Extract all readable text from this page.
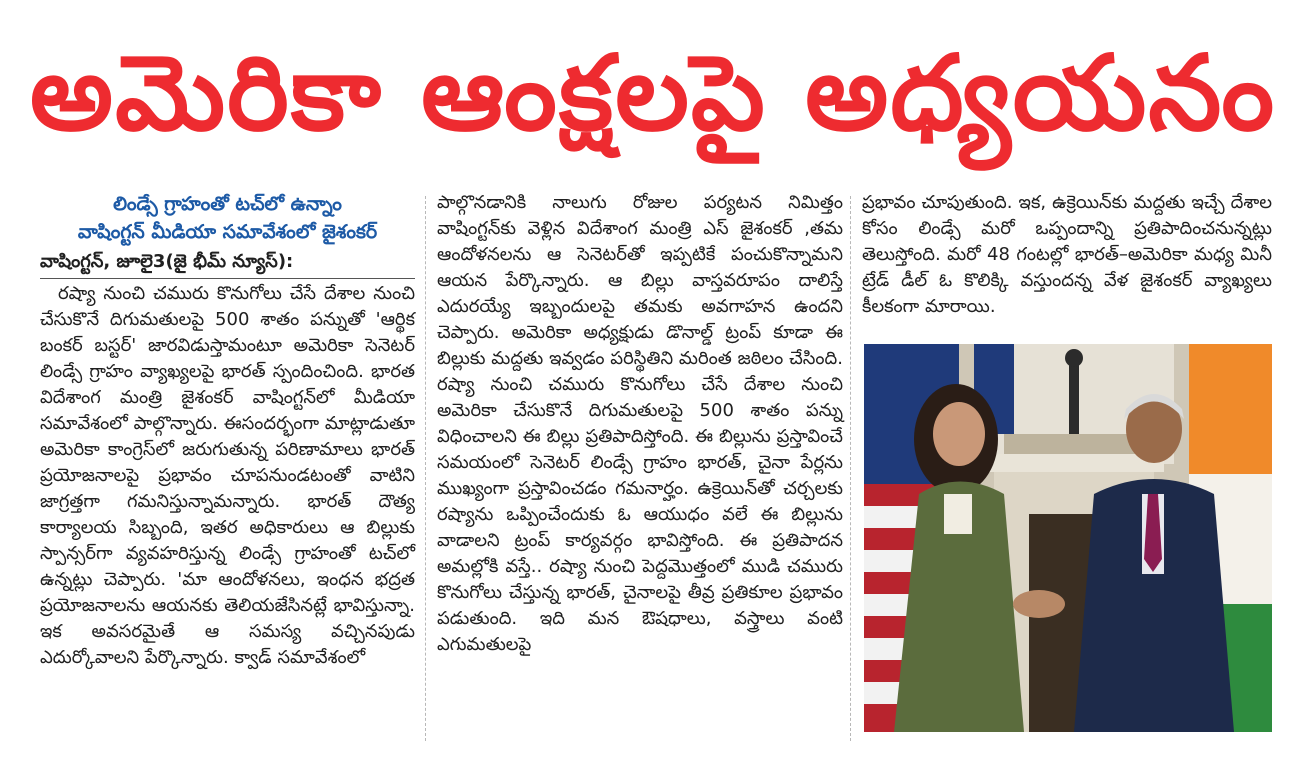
అమెరికా ఆంక్షలపై అధ్యయనం
లిండ్సే గ్రాహంతో టచ్‌లో ఉన్నాం
వాషింగ్టన్ మీడియా సమావేశంలో జైశంకర్
వాషింగ్టన్, జూలై3(జై భీమ్ న్యూస్):

రష్యా నుంచి చమురు కొనుగోలు చేసే దేశాల నుంచి చేసుకొనే దిగుమతులపై 500 శాతం పన్నుతో 'ఆర్థిక బంకర్ బస్టర్' జారవిడుస్తామంటూ అమెరికా సెనెటర్ లిండ్సే గ్రాహం వ్యాఖ్యలపై భారత్ స్పందించింది. భారత విదేశాంగ మంత్రి జైశంకర్ వాషింగ్టన్‌లో మీడియా సమావేశంలో పాల్గొన్నారు. ఈసందర్భంగా మాట్లాడుతూ అమెరికా కాంగ్రెస్‌లో జరుగుతున్న పరిణామాలు భారత్ ప్రయోజనాలపై ప్రభావం చూపనుండటంతో వాటిని జాగ్రత్తగా గమనిస్తున్నామన్నారు. భారత్ దౌత్య కార్యాలయ సిబ్బంది, ఇతర అధికారులు ఆ బిల్లుకు స్పాన్సర్‌గా వ్యవహరిస్తున్న లిండ్సే గ్రాహంతో టచ్‌లో ఉన్నట్లు చెప్పారు. 'మా ఆందోళనలు, ఇంధన భద్రత ప్రయోజనాలను ఆయనకు తెలియజేసినట్లే భావిస్తున్నా. ఇక అవసరమైతే ఆ సమస్య వచ్చినపుడు ఎదుర్కోవాలని పేర్కొన్నారు. క్వాడ్ సమావేశంలో

పాల్గొనడానికి నాలుగు రోజుల పర్యటన నిమిత్తం వాషింగ్టన్‌కు వెళ్లిన విదేశాంగ మంత్రి ఎస్ జైశంకర్ ,తమ ఆందోళనలను ఆ సెనెటర్‌తో ఇప్పటికే పంచుకొన్నామని ఆయన పేర్కొన్నారు. ఆ బిల్లు వాస్తవరూపం దాలిస్తే ఎదురయ్యే ఇబ్బందులపై తమకు అవగాహన ఉందని చెప్పారు. అమెరికా అధ్యక్షుడు డొనాల్డ్ ట్రంప్ కూడా ఈ బిల్లుకు మద్దతు ఇవ్వడం పరిస్థితిని మరింత జఠిలం చేసింది. రష్యా నుంచి చమురు కొనుగోలు చేసే దేశాల నుంచి అమెరికా చేసుకొనే దిగుమతులపై 500 శాతం పన్ను విధించాలని ఈ బిల్లు ప్రతిపాదిస్తోంది. ఈ బిల్లును ప్రస్తావించే సమయంలో సెనెటర్ లిండ్సే గ్రాహం భారత్, చైనా పేర్లను ముఖ్యంగా ప్రస్తావించడం గమనార్హం. ఉక్రెయిన్‌తో చర్చలకు రష్యాను ఒప్పించేందుకు ఓ ఆయుధం వలే ఈ బిల్లును వాడాలని ట్రంప్ కార్యవర్గం భావిస్తోంది. ఈ ప్రతిపాదన అమల్లోకి వస్తే.. రష్యా నుంచి పెద్దమొత్తంలో ముడి చమురు కొనుగోలు చేస్తున్న భారత్, చైనాలపై తీవ్ర ప్రతికూల ప్రభావం పడుతుంది. ఇది మన ఔషధాలు, వస్త్రాలు వంటి ఎగుమతులపై

ప్రభావం చూపుతుంది. ఇక, ఉక్రెయిన్‌కు మద్దతు ఇచ్చే దేశాల కోసం లిండ్సే మరో ఒప్పందాన్ని ప్రతిపాదించనున్నట్లు తెలుస్తోంది. మరో 48 గంటల్లో భారత్–అమెరికా మధ్య మినీ ట్రేడ్ డీల్ ఓ కొలిక్కి వస్తుందన్న వేళ జైశంకర్ వ్యాఖ్యలు కీలకంగా మారాయి.
